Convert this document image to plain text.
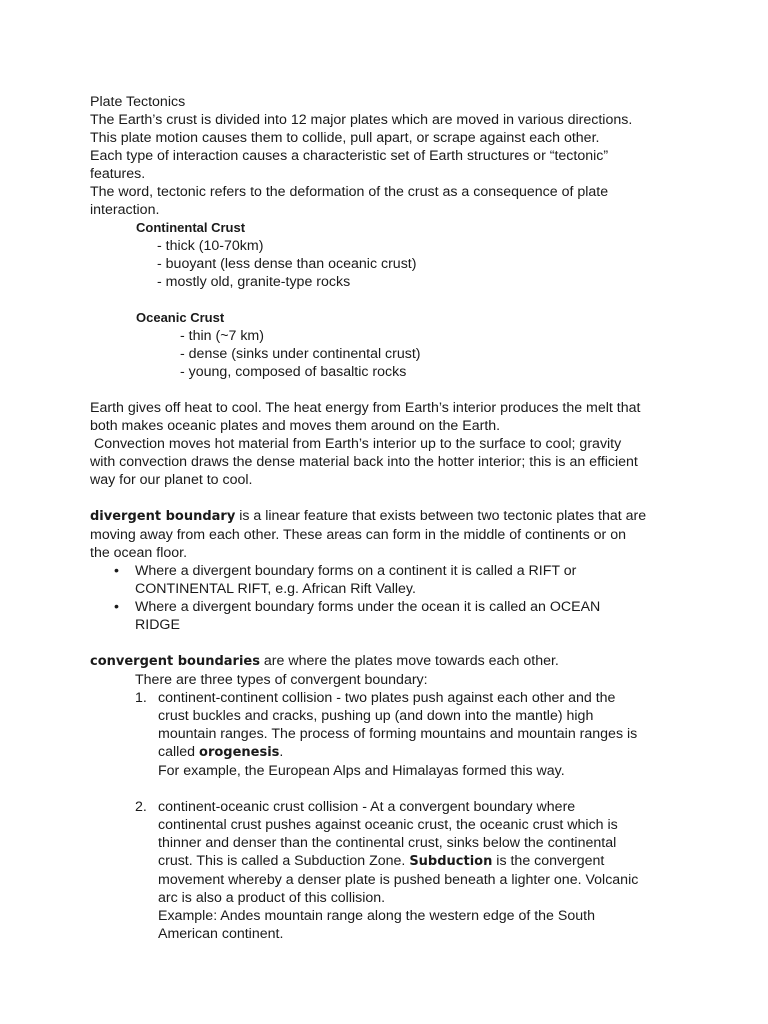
Plate Tectonics

The Earth’s crust is divided into 12 major plates which are moved in various directions.

This plate motion causes them to collide, pull apart, or scrape against each other.

Each type of interaction causes a characteristic set of Earth structures or “tectonic”

features.

The word, tectonic refers to the deformation of the crust as a consequence of plate

interaction.

Continental Crust

- thick (10-70km)

- buoyant (less dense than oceanic crust)

- mostly old, granite-type rocks

Oceanic Crust

- thin (~7 km)

- dense (sinks under continental crust)

- young, composed of basaltic rocks

Earth gives off heat to cool. The heat energy from Earth’s interior produces the melt that

both makes oceanic plates and moves them around on the Earth.

Convection moves hot material from Earth’s interior up to the surface to cool; gravity

with convection draws the dense material back into the hotter interior; this is an efficient

way for our planet to cool.

divergent boundary is a linear feature that exists between two tectonic plates that are

moving away from each other. These areas can form in the middle of continents or on

the ocean floor.

• Where a divergent boundary forms on a continent it is called a RIFT or

CONTINENTAL RIFT, e.g. African Rift Valley.

• Where a divergent boundary forms under the ocean it is called an OCEAN

RIDGE

convergent boundaries are where the plates move towards each other.

There are three types of convergent boundary:

1. continent-continent collision - two plates push against each other and the

crust buckles and cracks, pushing up (and down into the mantle) high

mountain ranges. The process of forming mountains and mountain ranges is

called orogenesis.

For example, the European Alps and Himalayas formed this way.

2. continent-oceanic crust collision - At a convergent boundary where

continental crust pushes against oceanic crust, the oceanic crust which is

thinner and denser than the continental crust, sinks below the continental

crust. This is called a Subduction Zone. Subduction is the convergent

movement whereby a denser plate is pushed beneath a lighter one. Volcanic

arc is also a product of this collision.

Example: Andes mountain range along the western edge of the South

American continent.
